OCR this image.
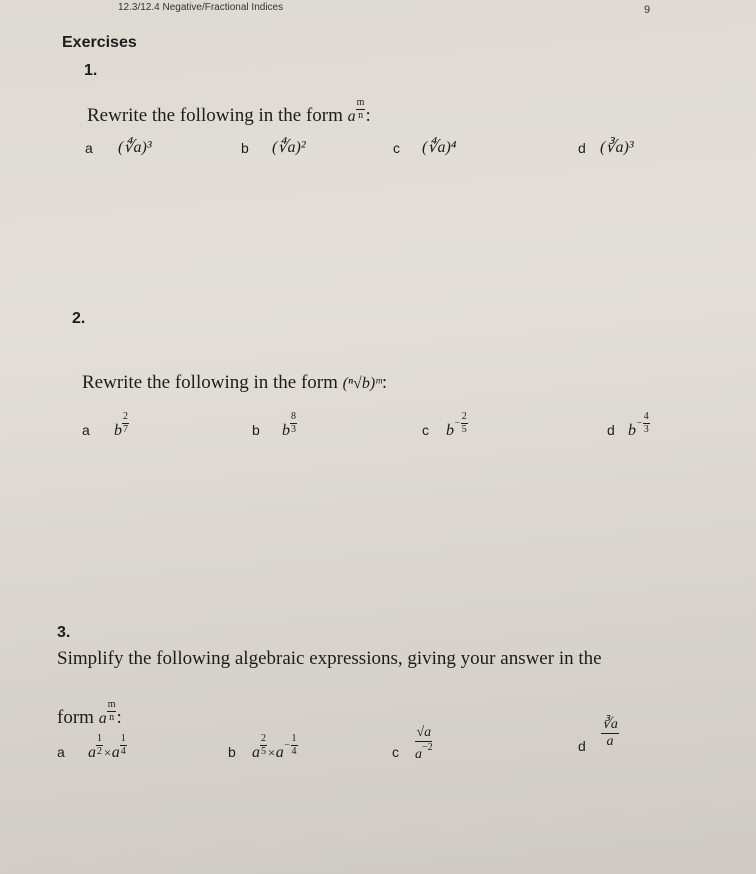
12.3/12.4 Negative/Fractional Indices	9
Exercises
1.
Rewrite the following in the form a $^{\frac{m}{n}}$ :
a (∜a)³	b (∜a)²	c (∜a)⁴	d (∛a)³
2.
Rewrite the following in the form (ⁿ√b)ᵐ:
a b $^{\frac{2}{7}}$	b b $^{\frac{8}{3}}$	c $b^{- \frac{2}{5}}$	d $b^{- \frac{4}{3}}$
3.
Simplify the following algebraic expressions, giving your answer in the
form a $^{\frac{m}{n}}$ :
a a $^{\frac{1}{2}}$ ×a $^{\frac{1}{4}}$	b a $^{\frac{2}{5}} \times a^{- \frac{1}{4}}$	c $\frac{√a}{a^{-2}}$	d $\frac{∛a}{a}$
